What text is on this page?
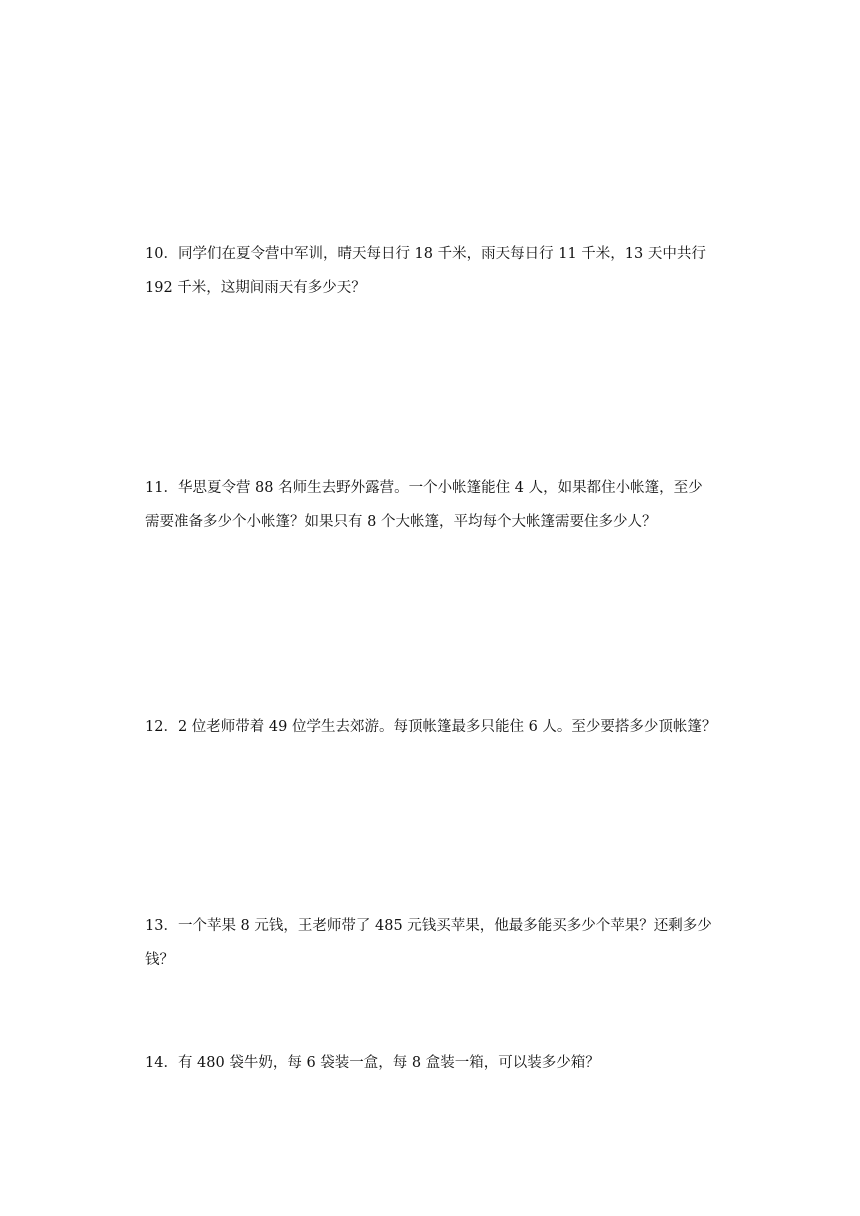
10．同学们在夏令营中军训，晴天每日行 18 千米，雨天每日行 11 千米，13 天中共行
192 千米，这期间雨天有多少天？
11．华思夏令营 88 名师生去野外露营。一个小帐篷能住 4 人，如果都住小帐篷，至少
需要准备多少个小帐篷？如果只有 8 个大帐篷，平均每个大帐篷需要住多少人？
12．2 位老师带着 49 位学生去郊游。每顶帐篷最多只能住 6 人。至少要搭多少顶帐篷？
13．一个苹果 8 元钱，王老师带了 485 元钱买苹果，他最多能买多少个苹果？还剩多少
钱？
14．有 480 袋牛奶，每 6 袋装一盒，每 8 盒装一箱，可以装多少箱？
